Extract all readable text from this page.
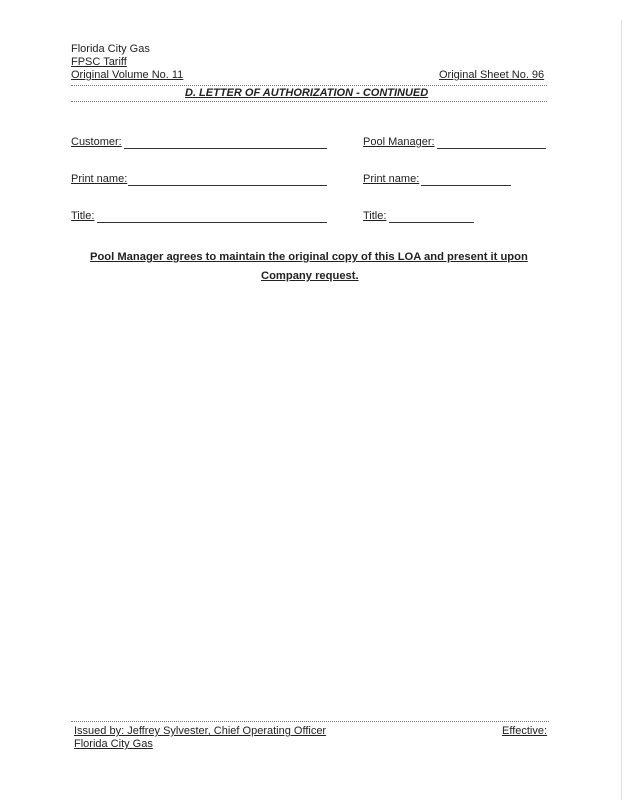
Florida City Gas
FPSC Tariff
Original Volume No. 11	Original Sheet No. 96
D. LETTER OF AUTHORIZATION - CONTINUED
Customer:	Pool Manager:
Print name:	Print name:
Title:	Title:
Pool Manager agrees to maintain the original copy of this LOA and present it upon
Company request.
Issued by: Jeffrey Sylvester, Chief Operating Officer
Florida City Gas
Effective:
